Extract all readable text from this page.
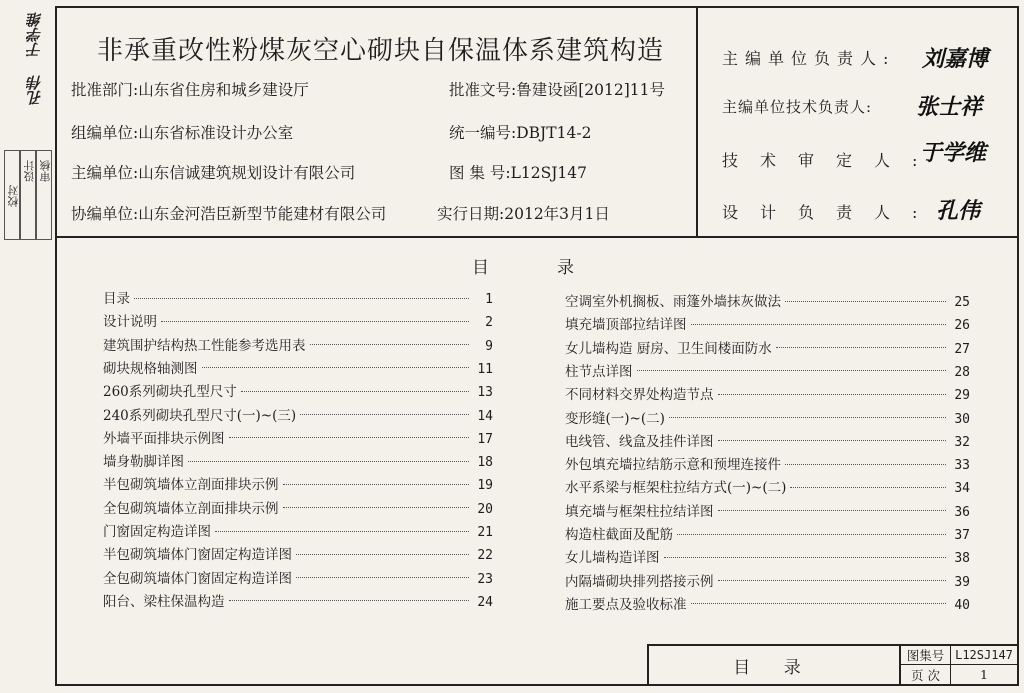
于学维
孔伟
校对
设计 审核
非承重改性粉煤灰空心砌块自保温体系建筑构造
批准部门:山东省住房和城乡建设厅
组编单位:山东省标准设计办公室
主编单位:山东信诚建筑规划设计有限公司
协编单位:山东金河浩臣新型节能建材有限公司
批准文号:鲁建设函[2012]11号
统一编号:DBJT14-2
图 集 号:L12SJ147
实行日期:2012年3月1日
主编单位负责人: 刘嘉博
主编单位技术负责人: 张士祥
技术审定人:
于学维
设计负责人:
孔伟
目	录
目录	1
设计说明	2
建筑围护结构热工性能参考选用表	9
砌块规格轴测图	11
260系列砌块孔型尺寸	13
240系列砌块孔型尺寸(一)~(三)	14
外墙平面排块示例图	17
墙身勒脚详图	18
半包砌筑墙体立剖面排块示例	19
全包砌筑墙体立剖面排块示例	20
门窗固定构造详图	21
半包砌筑墙体门窗固定构造详图	22
全包砌筑墙体门窗固定构造详图	23
阳台、梁柱保温构造	24
空调室外机搁板、雨篷外墙抹灰做法	25
填充墙顶部拉结详图	26
女儿墙构造 厨房、卫生间楼面防水	27
柱节点详图	28
不同材料交界处构造节点	29
变形缝(一)~(二)	30
电线管、线盒及挂件详图	32
外包填充墙拉结筋示意和预埋连接件	33
水平系梁与框架柱拉结方式(一)~(二)	34
填充墙与框架柱拉结详图	36
构造柱截面及配筋	37
女儿墙构造详图	38
内隔墙砌块排列搭接示例	39
施工要点及验收标准	40
目 录
图集号 L12SJ147
页 次	1
